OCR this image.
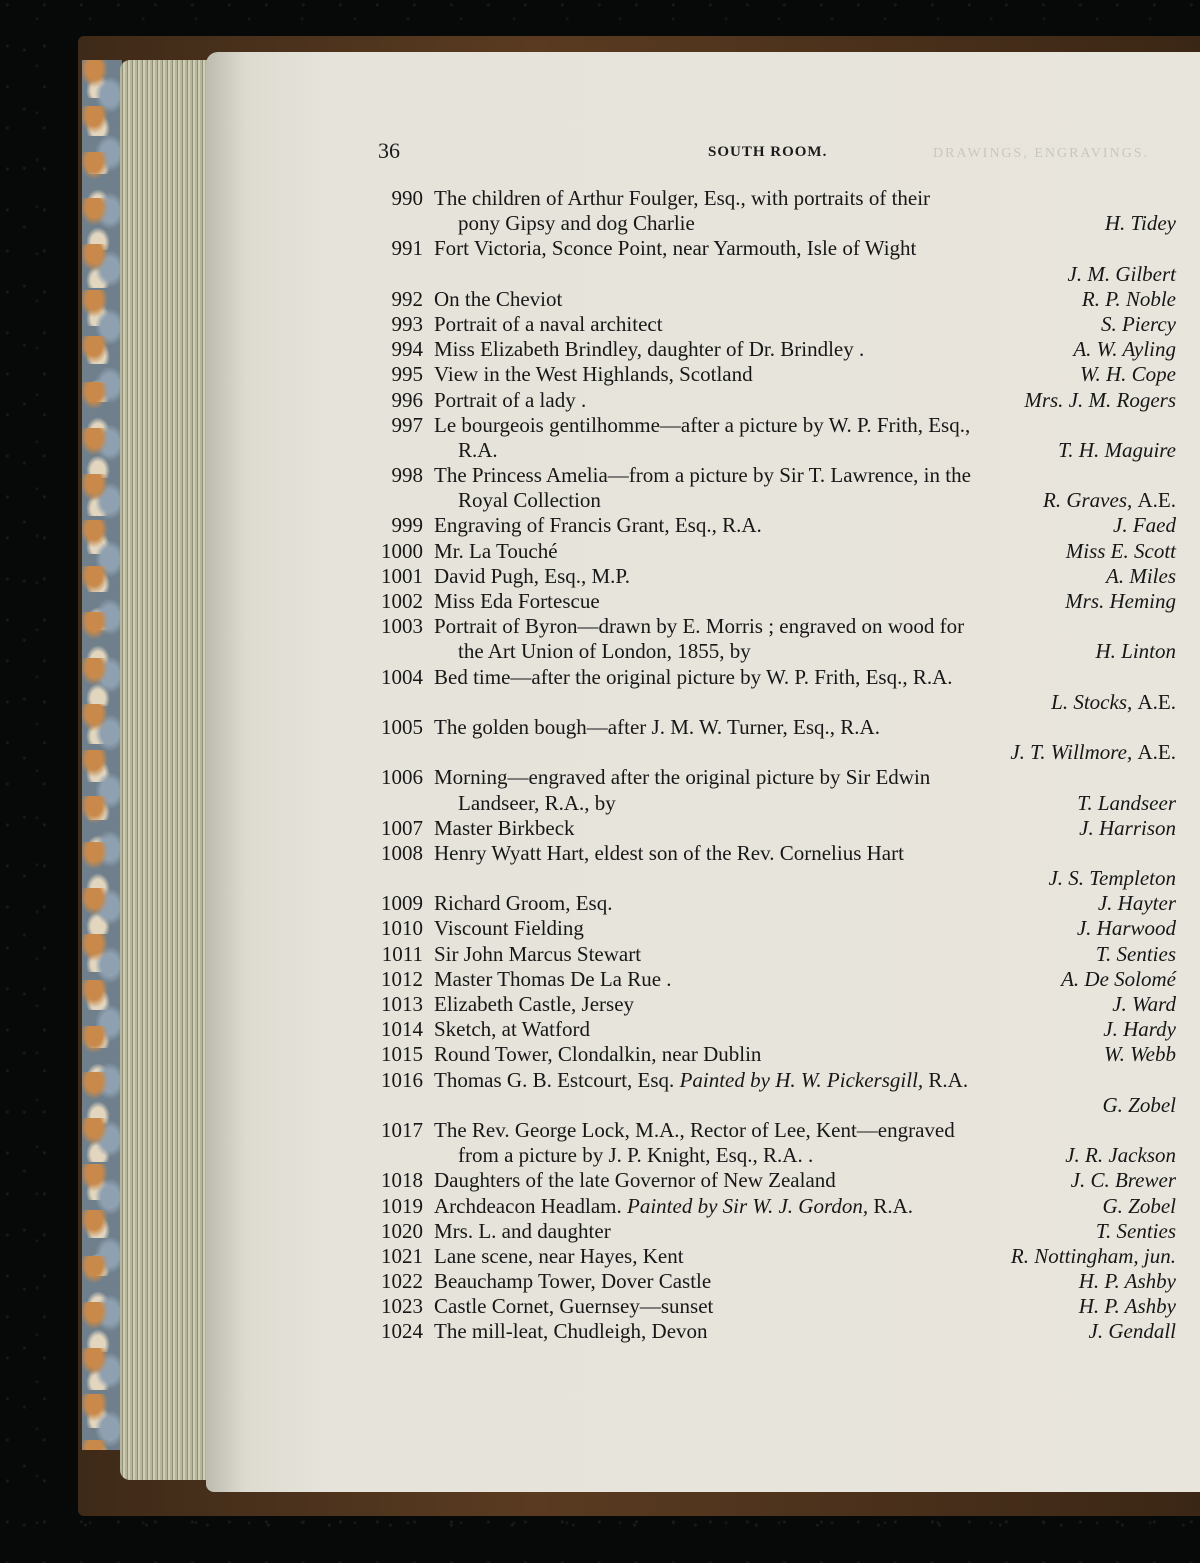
36	SOUTH ROOM.	DRAWINGS, ENGRAVINGS.
990 The children of Arthur Foulger, Esq., with portraits of their
pony Gipsy and dog Charlie	H. Tidey
991 Fort Victoria, Sconce Point, near Yarmouth, Isle of Wight
J. M. Gilbert
992 On the Cheviot	R. P. Noble
993 Portrait of a naval architect	S. Piercy
994 Miss Elizabeth Brindley, daughter of Dr. Brindley .	A. W. Ayling
995 View in the West Highlands, Scotland	W. H. Cope
996 Portrait of a lady .	Mrs. J. M. Rogers
997 Le bourgeois gentilhomme—after a picture by W. P. Frith, Esq.,
R.A.	T. H. Maguire
998 The Princess Amelia—from a picture by Sir T. Lawrence, in the
Royal Collection	R. Graves, A.E.
999 Engraving of Francis Grant, Esq., R.A.	J. Faed
1000 Mr. La Touché	Miss E. Scott
1001 David Pugh, Esq., M.P.	A. Miles
1002 Miss Eda Fortescue	Mrs. Heming
1003 Portrait of Byron—drawn by E. Morris ; engraved on wood for
the Art Union of London, 1855, by	H. Linton
1004 Bed time—after the original picture by W. P. Frith, Esq., R.A.
L. Stocks, A.E.
1005 The golden bough—after J. M. W. Turner, Esq., R.A.
J. T. Willmore, A.E.
1006 Morning—engraved after the original picture by Sir Edwin
Landseer, R.A., by	T. Landseer
1007 Master Birkbeck	J. Harrison
1008 Henry Wyatt Hart, eldest son of the Rev. Cornelius Hart
J. S. Templeton
1009 Richard Groom, Esq.	J. Hayter
1010 Viscount Fielding	J. Harwood
1011 Sir John Marcus Stewart	T. Senties
1012 Master Thomas De La Rue .	A. De Solomé
1013 Elizabeth Castle, Jersey	J. Ward
1014 Sketch, at Watford	J. Hardy
1015 Round Tower, Clondalkin, near Dublin	W. Webb
1016 Thomas G. B. Estcourt, Esq. Painted by H. W. Pickersgill, R.A.
G. Zobel
1017 The Rev. George Lock, M.A., Rector of Lee, Kent—engraved
from a picture by J. P. Knight, Esq., R.A. .	J. R. Jackson
1018 Daughters of the late Governor of New Zealand	J. C. Brewer
1019 Archdeacon Headlam. Painted by Sir W. J. Gordon, R.A.	G. Zobel
1020 Mrs. L. and daughter	T. Senties
1021 Lane scene, near Hayes, Kent	R. Nottingham, jun.
1022 Beauchamp Tower, Dover Castle	H. P. Ashby
1023 Castle Cornet, Guernsey—sunset	H. P. Ashby
1024 The mill-leat, Chudleigh, Devon	J. Gendall
